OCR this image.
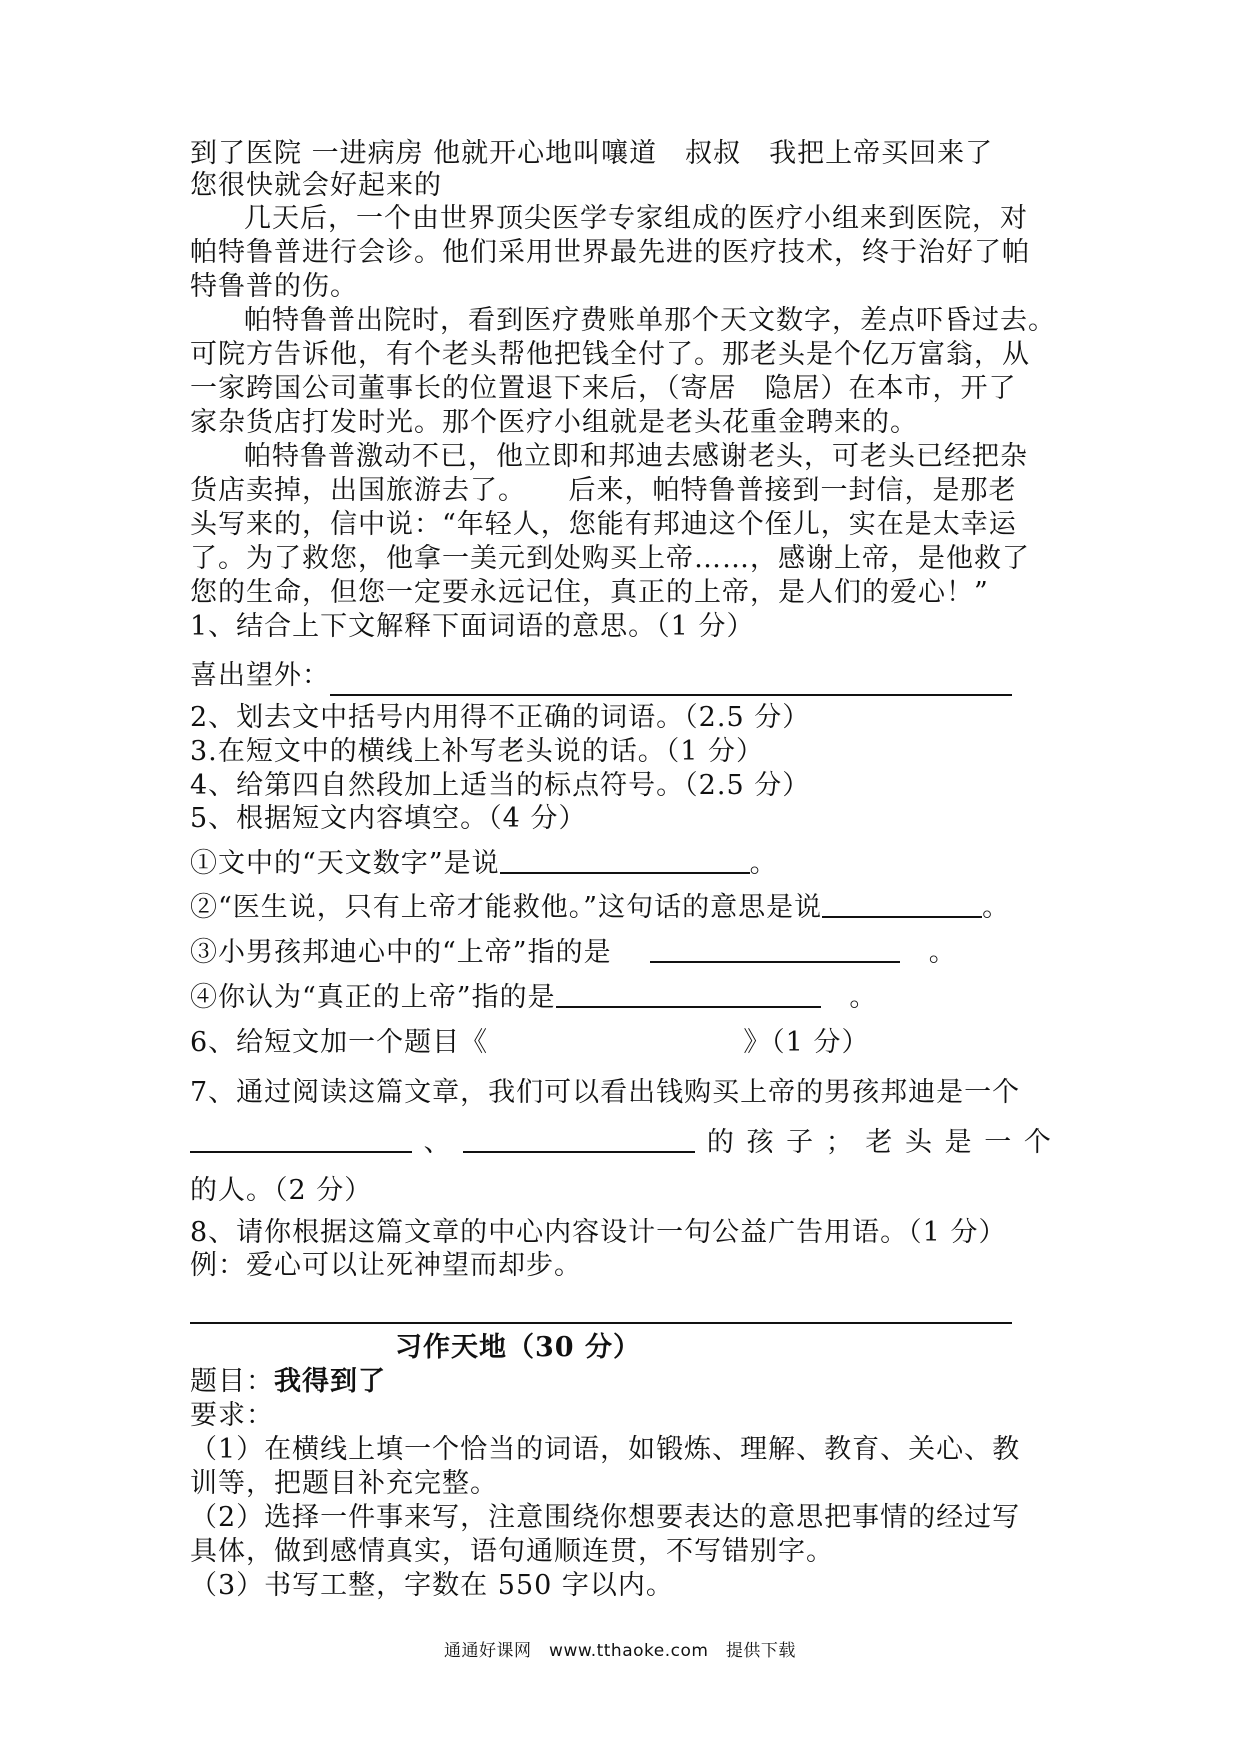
到了医院 一进病房 他就开心地叫嚷道　叔叔　我把上帝买回来了
您很快就会好起来的
几天后，一个由世界顶尖医学专家组成的医疗小组来到医院，对
帕特鲁普进行会诊。他们采用世界最先进的医疗技术，终于治好了帕
特鲁普的伤。
帕特鲁普出院时，看到医疗费账单那个天文数字，差点吓昏过去。
可院方告诉他，有个老头帮他把钱全付了。那老头是个亿万富翁，从
一家跨国公司董事长的位置退下来后，（寄居　隐居）在本市，开了
家杂货店打发时光。那个医疗小组就是老头花重金聘来的。
帕特鲁普激动不已，他立即和邦迪去感谢老头，可老头已经把杂
货店卖掉，出国旅游去了。　　后来，帕特鲁普接到一封信，是那老
头写来的，信中说：“年轻人，您能有邦迪这个侄儿，实在是太幸运
了。为了救您，他拿一美元到处购买上帝……，感谢上帝，是他救了
您的生命，但您一定要永远记住，真正的上帝，是人们的爱心！”
1、结合上下文解释下面词语的意思。（1 分）
喜出望外：
2、划去文中括号内用得不正确的词语。（2.5 分）
3.在短文中的横线上补写老头说的话。（1 分）
4、给第四自然段加上适当的标点符号。（2.5 分）
5、根据短文内容填空。（4 分）
①文中的“天文数字”是说	。
②“医生说，只有上帝才能救他。”这句话的意思是说	。
③小男孩邦迪心中的“上帝”指的是	。
④你认为“真正的上帝”指的是	。
6、给短文加一个题目《	》（1 分）
7、通过阅读这篇文章，我们可以看出钱购买上帝的男孩邦迪是一个
、	的 孩 子 ； 老 头 是 一 个
的人。（2 分）
8、请你根据这篇文章的中心内容设计一句公益广告用语。（1 分）
例：爱心可以让死神望而却步。
习作天地（30 分）
题目：我得到了
要求：
（1）在横线上填一个恰当的词语，如锻炼、理解、教育、关心、教
训等，把题目补充完整。
（2）选择一件事来写，注意围绕你想要表达的意思把事情的经过写
具体，做到感情真实，语句通顺连贯，不写错别字。
（3）书写工整，字数在 550 字以内。
通通好课网　www.tthaoke.com　提供下载
